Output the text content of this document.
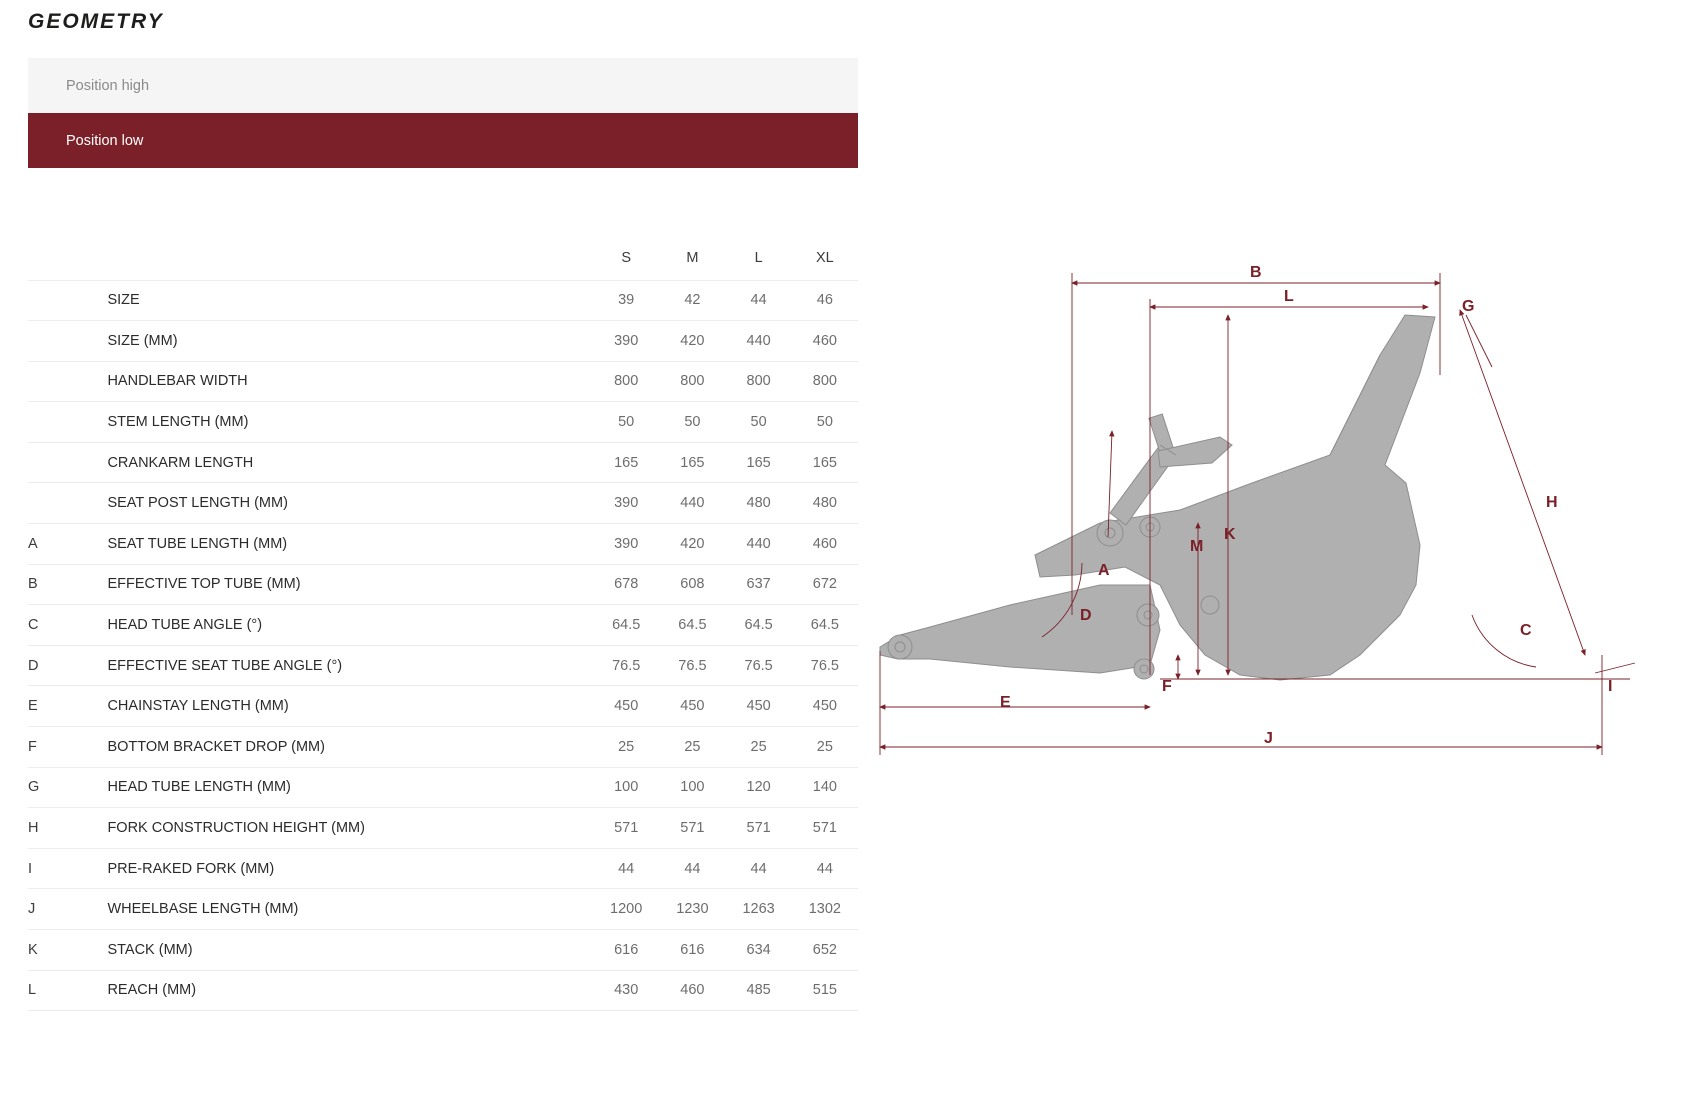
GEOMETRY
Position high
Position low
		S	M	L	XL
	SIZE	39	42	44	46
	SIZE (MM)	390	420	440	460
	HANDLEBAR WIDTH	800	800	800	800
	STEM LENGTH (MM)	50	50	50	50
	CRANKARM LENGTH	165	165	165	165
	SEAT POST LENGTH (MM)	390	440	480	480
A	SEAT TUBE LENGTH (MM)	390	420	440	460
B	EFFECTIVE TOP TUBE (MM)	678	608	637	672
C	HEAD TUBE ANGLE (°)	64.5	64.5	64.5	64.5
D	EFFECTIVE SEAT TUBE ANGLE (°)	76.5	76.5	76.5	76.5
E	CHAINSTAY LENGTH (MM)	450	450	450	450
F	BOTTOM BRACKET DROP (MM)	25	25	25	25
G	HEAD TUBE LENGTH (MM)	100	100	120	140
H	FORK CONSTRUCTION HEIGHT (MM)	571	571	571	571
I	PRE-RAKED FORK (MM)	44	44	44	44
J	WHEELBASE LENGTH (MM)	1200	1230	1263	1302
K	STACK (MM)	616	616	634	652
L	REACH (MM)	430	460	485	515
B
L
G
H
A
D
M
K
F
E
C
I
J
